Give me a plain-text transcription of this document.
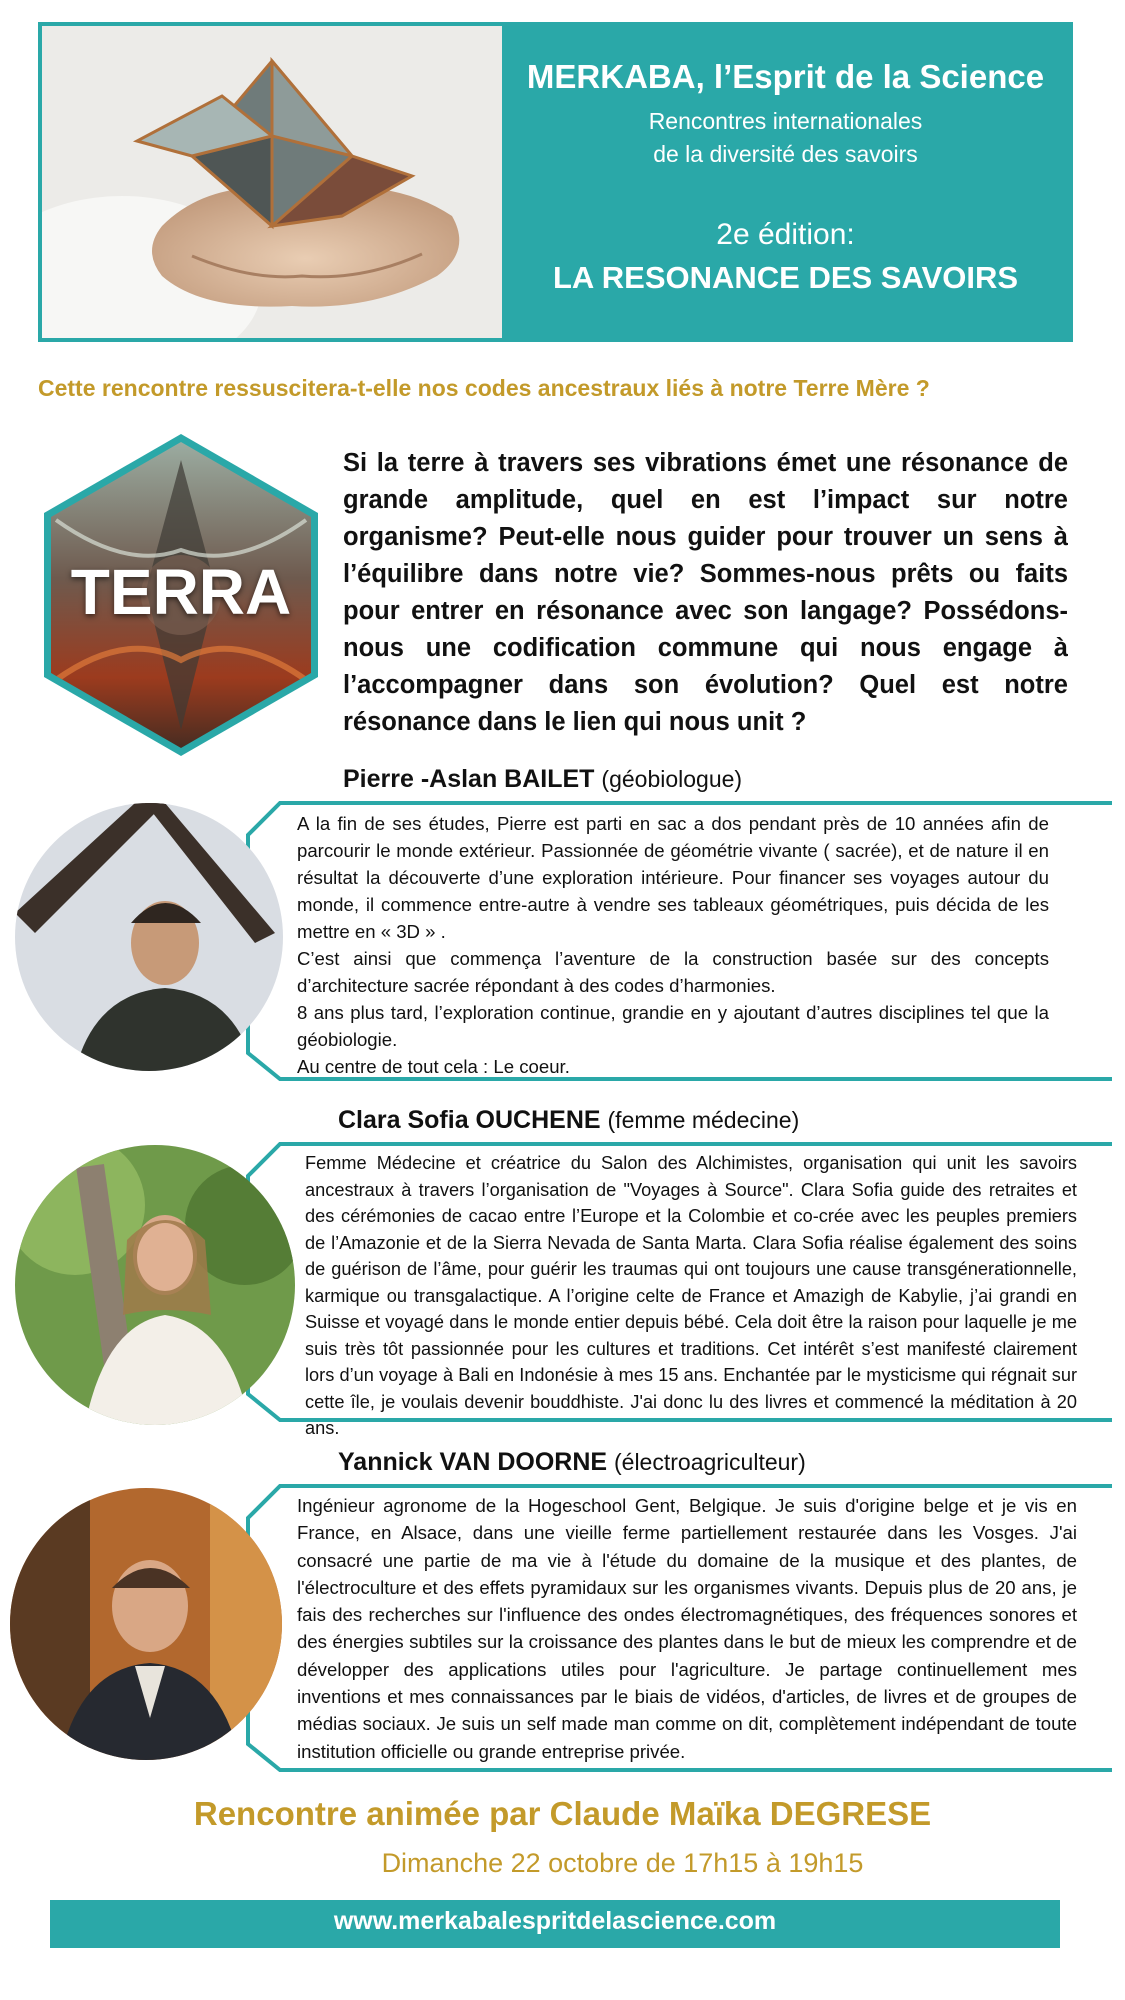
MERKABA, l’Esprit de la Science
Rencontres internationales
de la diversité des savoirs
2e édition:
LA RESONANCE DES SAVOIRS
Cette rencontre ressuscitera-t-elle nos codes ancestraux liés à notre Terre Mère ?
TERRA
Si la terre à travers ses vibrations émet une résonance de grande amplitude, quel en est l’impact sur notre organisme? Peut-elle nous guider pour trouver un sens à l’équilibre dans notre vie? Sommes-nous prêts ou faits pour entrer en résonance avec son langage? Possédons-nous une codification commune qui nous engage à l’accompagner dans son évolution? Quel est notre résonance dans le lien qui nous unit ?
Pierre -Aslan BAILET (géobiologue)
A la fin de ses études, Pierre est parti en sac a dos pendant près de 10 années afin de parcourir le monde extérieur. Passionnée de géométrie vivante ( sacrée), et de nature il en résultat la découverte d’une exploration intérieure. Pour financer ses voyages autour du monde, il commence entre-autre à vendre ses tableaux géométriques, puis décida de les mettre en « 3D » .
C’est ainsi que commença l’aventure de la construction basée sur des concepts d’architecture sacrée répondant à des codes d’harmonies.
8 ans plus tard, l’exploration continue, grandie en y ajoutant d’autres disciplines tel que la géobiologie.
Au centre de tout cela : Le coeur.
Clara Sofia OUCHENE (femme médecine)
Femme Médecine et créatrice du Salon des Alchimistes, organisation qui unit les savoirs ancestraux à travers l’organisation de "Voyages à Source". Clara Sofia guide des retraites et des cérémonies de cacao entre l’Europe et la Colombie et co-crée avec les peuples premiers de l’Amazonie et de la Sierra Nevada de Santa Marta. Clara Sofia réalise également des soins de guérison de l’âme, pour guérir les traumas qui ont toujours une cause transgénerationnelle, karmique ou transgalactique. A l’origine celte de France et Amazigh de Kabylie, j’ai grandi en Suisse et voyagé dans le monde entier depuis bébé. Cela doit être la raison pour laquelle je me suis très tôt passionnée pour les cultures et traditions. Cet intérêt s’est manifesté clairement lors d’un voyage à Bali en Indonésie à mes 15 ans. Enchantée par le mysticisme qui régnait sur cette île, je voulais devenir bouddhiste. J'ai donc lu des livres et commencé la méditation à 20 ans.
Yannick VAN DOORNE (électroagriculteur)
Ingénieur agronome de la Hogeschool Gent, Belgique. Je suis d'origine belge et je vis en France, en Alsace, dans une vieille ferme partiellement restaurée dans les Vosges. J'ai consacré une partie de ma vie à l'étude du domaine de la musique et des plantes, de l'électroculture et des effets pyramidaux sur les organismes vivants. Depuis plus de 20 ans, je fais des recherches sur l'influence des ondes électromagnétiques, des fréquences sonores et des énergies subtiles sur la croissance des plantes dans le but de mieux les comprendre et de développer des applications utiles pour l'agriculture. Je partage continuellement mes inventions et mes connaissances par le biais de vidéos, d'articles, de livres et de groupes de médias sociaux. Je suis un self made man comme on dit, complètement indépendant de toute institution officielle ou grande entreprise privée.
Rencontre animée par Claude Maïka DEGRESE
Dimanche 22 octobre de 17h15 à 19h15
www.merkabalespritdelascience.com
